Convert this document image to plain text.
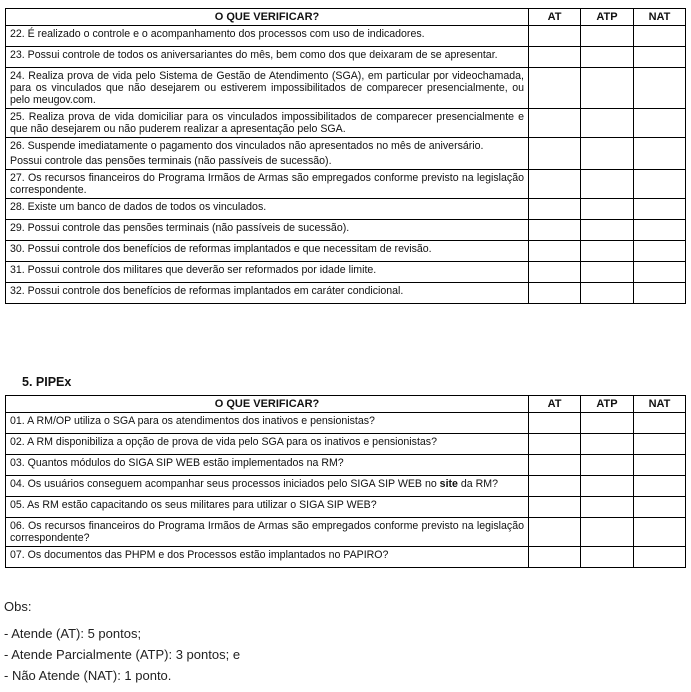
O QUE VERIFICAR?	AT	ATP	NAT
22. É realizado o controle e o acompanhamento dos processos com uso de indicadores.			
23. Possui controle de todos os aniversariantes do mês, bem como dos que deixaram de se apresentar.			
24. Realiza prova de vida pelo Sistema de Gestão de Atendimento (SGA), em particular por videochamada, para os vinculados que não desejarem ou estiverem impossibilitados de comparecer presencialmente, ou pelo meugov.com.			
25. Realiza prova de vida domiciliar para os vinculados impossibilitados de comparecer presencialmente e que não desejarem ou não puderem realizar a apresentação pelo SGA.			

26. Suspende imediatamente o pagamento dos vinculados não apresentados no mês de aniversário.
Possui controle das pensões terminais (não passíveis de sucessão).			

27. Os recursos financeiros do Programa Irmãos de Armas são empregados conforme previsto na legislação correspondente.			
28. Existe um banco de dados de todos os vinculados.			
29. Possui controle das pensões terminais (não passíveis de sucessão).			
30. Possui controle dos benefícios de reformas implantados e que necessitam de revisão.			
31. Possui controle dos militares que deverão ser reformados por idade limite.			
32. Possui controle dos benefícios de reformas implantados em caráter condicional.			
5. PIPEx
O QUE VERIFICAR?	AT	ATP	NAT
01. A RM/OP utiliza o SGA para os atendimentos dos inativos e pensionistas?			
02. A RM disponibiliza a opção de prova de vida pelo SGA para os inativos e pensionistas?			
03. Quantos módulos do SIGA SIP WEB estão implementados na RM?			
04. Os usuários conseguem acompanhar seus processos iniciados pelo SIGA SIP WEB no site da RM?			
05. As RM estão capacitando os seus militares para utilizar o SIGA SIP WEB?			
06. Os recursos financeiros do Programa Irmãos de Armas são empregados conforme previsto na legislação correspondente?			
07. Os documentos das PHPM e dos Processos estão implantados no PAPIRO?			
Obs:
- Atende (AT): 5 pontos;
- Atende Parcialmente (ATP): 3 pontos; e
- Não Atende (NAT): 1 ponto.
